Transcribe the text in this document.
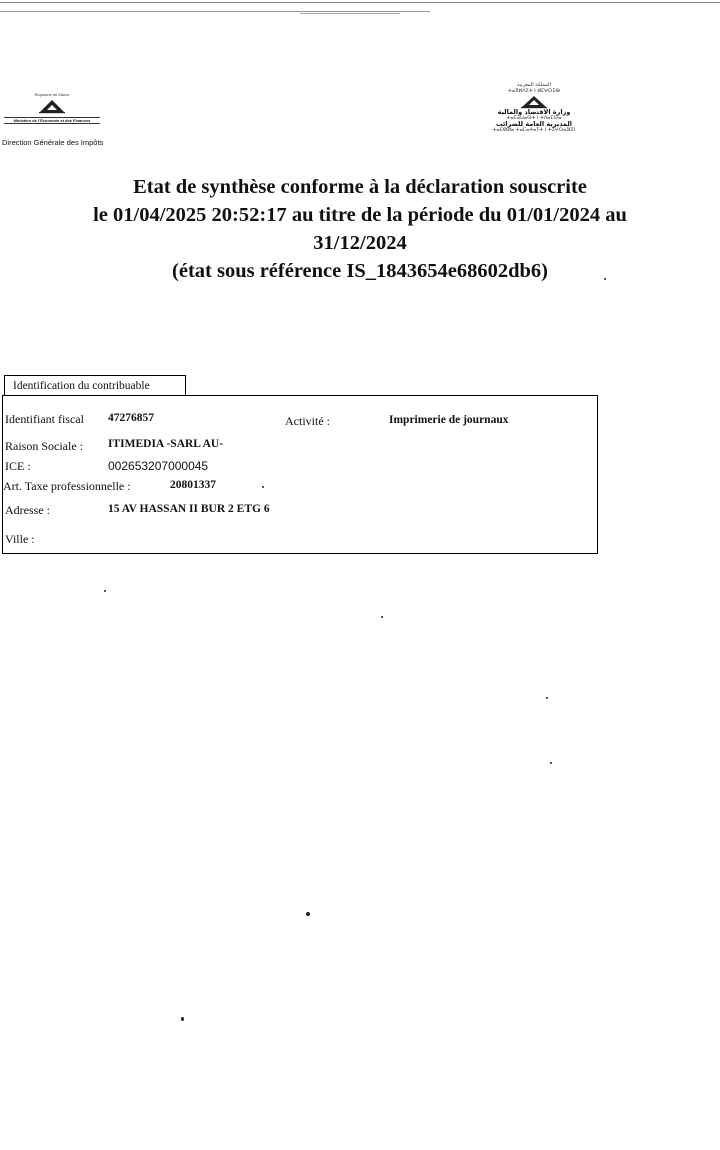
Royaume du Maroc
Ministère de l'Économie et des Finances
Direction Générale des Impôts
المملكة المغربية
ⵜⴰⴳⵍⴷⵉⵜ ⵏ ⵍⵎⵖⵔⵉⴱ
وزارة الاقتصاد والمالية
ⵜⴰⵎⴰⵡⴰⵙⵜ ⵏ ⵜⴷⴰⵎⵙⴰ
المديرية العامة للضرائب
ⵜⴰⵎⵀⵍⴰ ⵜⴰⵎⴰⵜⴰⵢⵜ ⵏ ⵜⵉⵖⵔⴰⴼⵉⵏ
Etat de synthèse conforme à la déclaration souscrite
le 01/04/2025 20:52:17 au titre de la période du 01/01/2024 au
31/12/2024
(état sous référence IS_1843654e68602db6)
Identification du contribuable
Identifiant fiscal 47276857	Activité :	Imprimerie de journaux
Raison Sociale : ITIMEDIA -SARL AU-
ICE :	002653207000045
Art. Taxe professionnelle :	20801337
Adresse :	15 AV HASSAN II BUR 2 ETG 6
Ville :
